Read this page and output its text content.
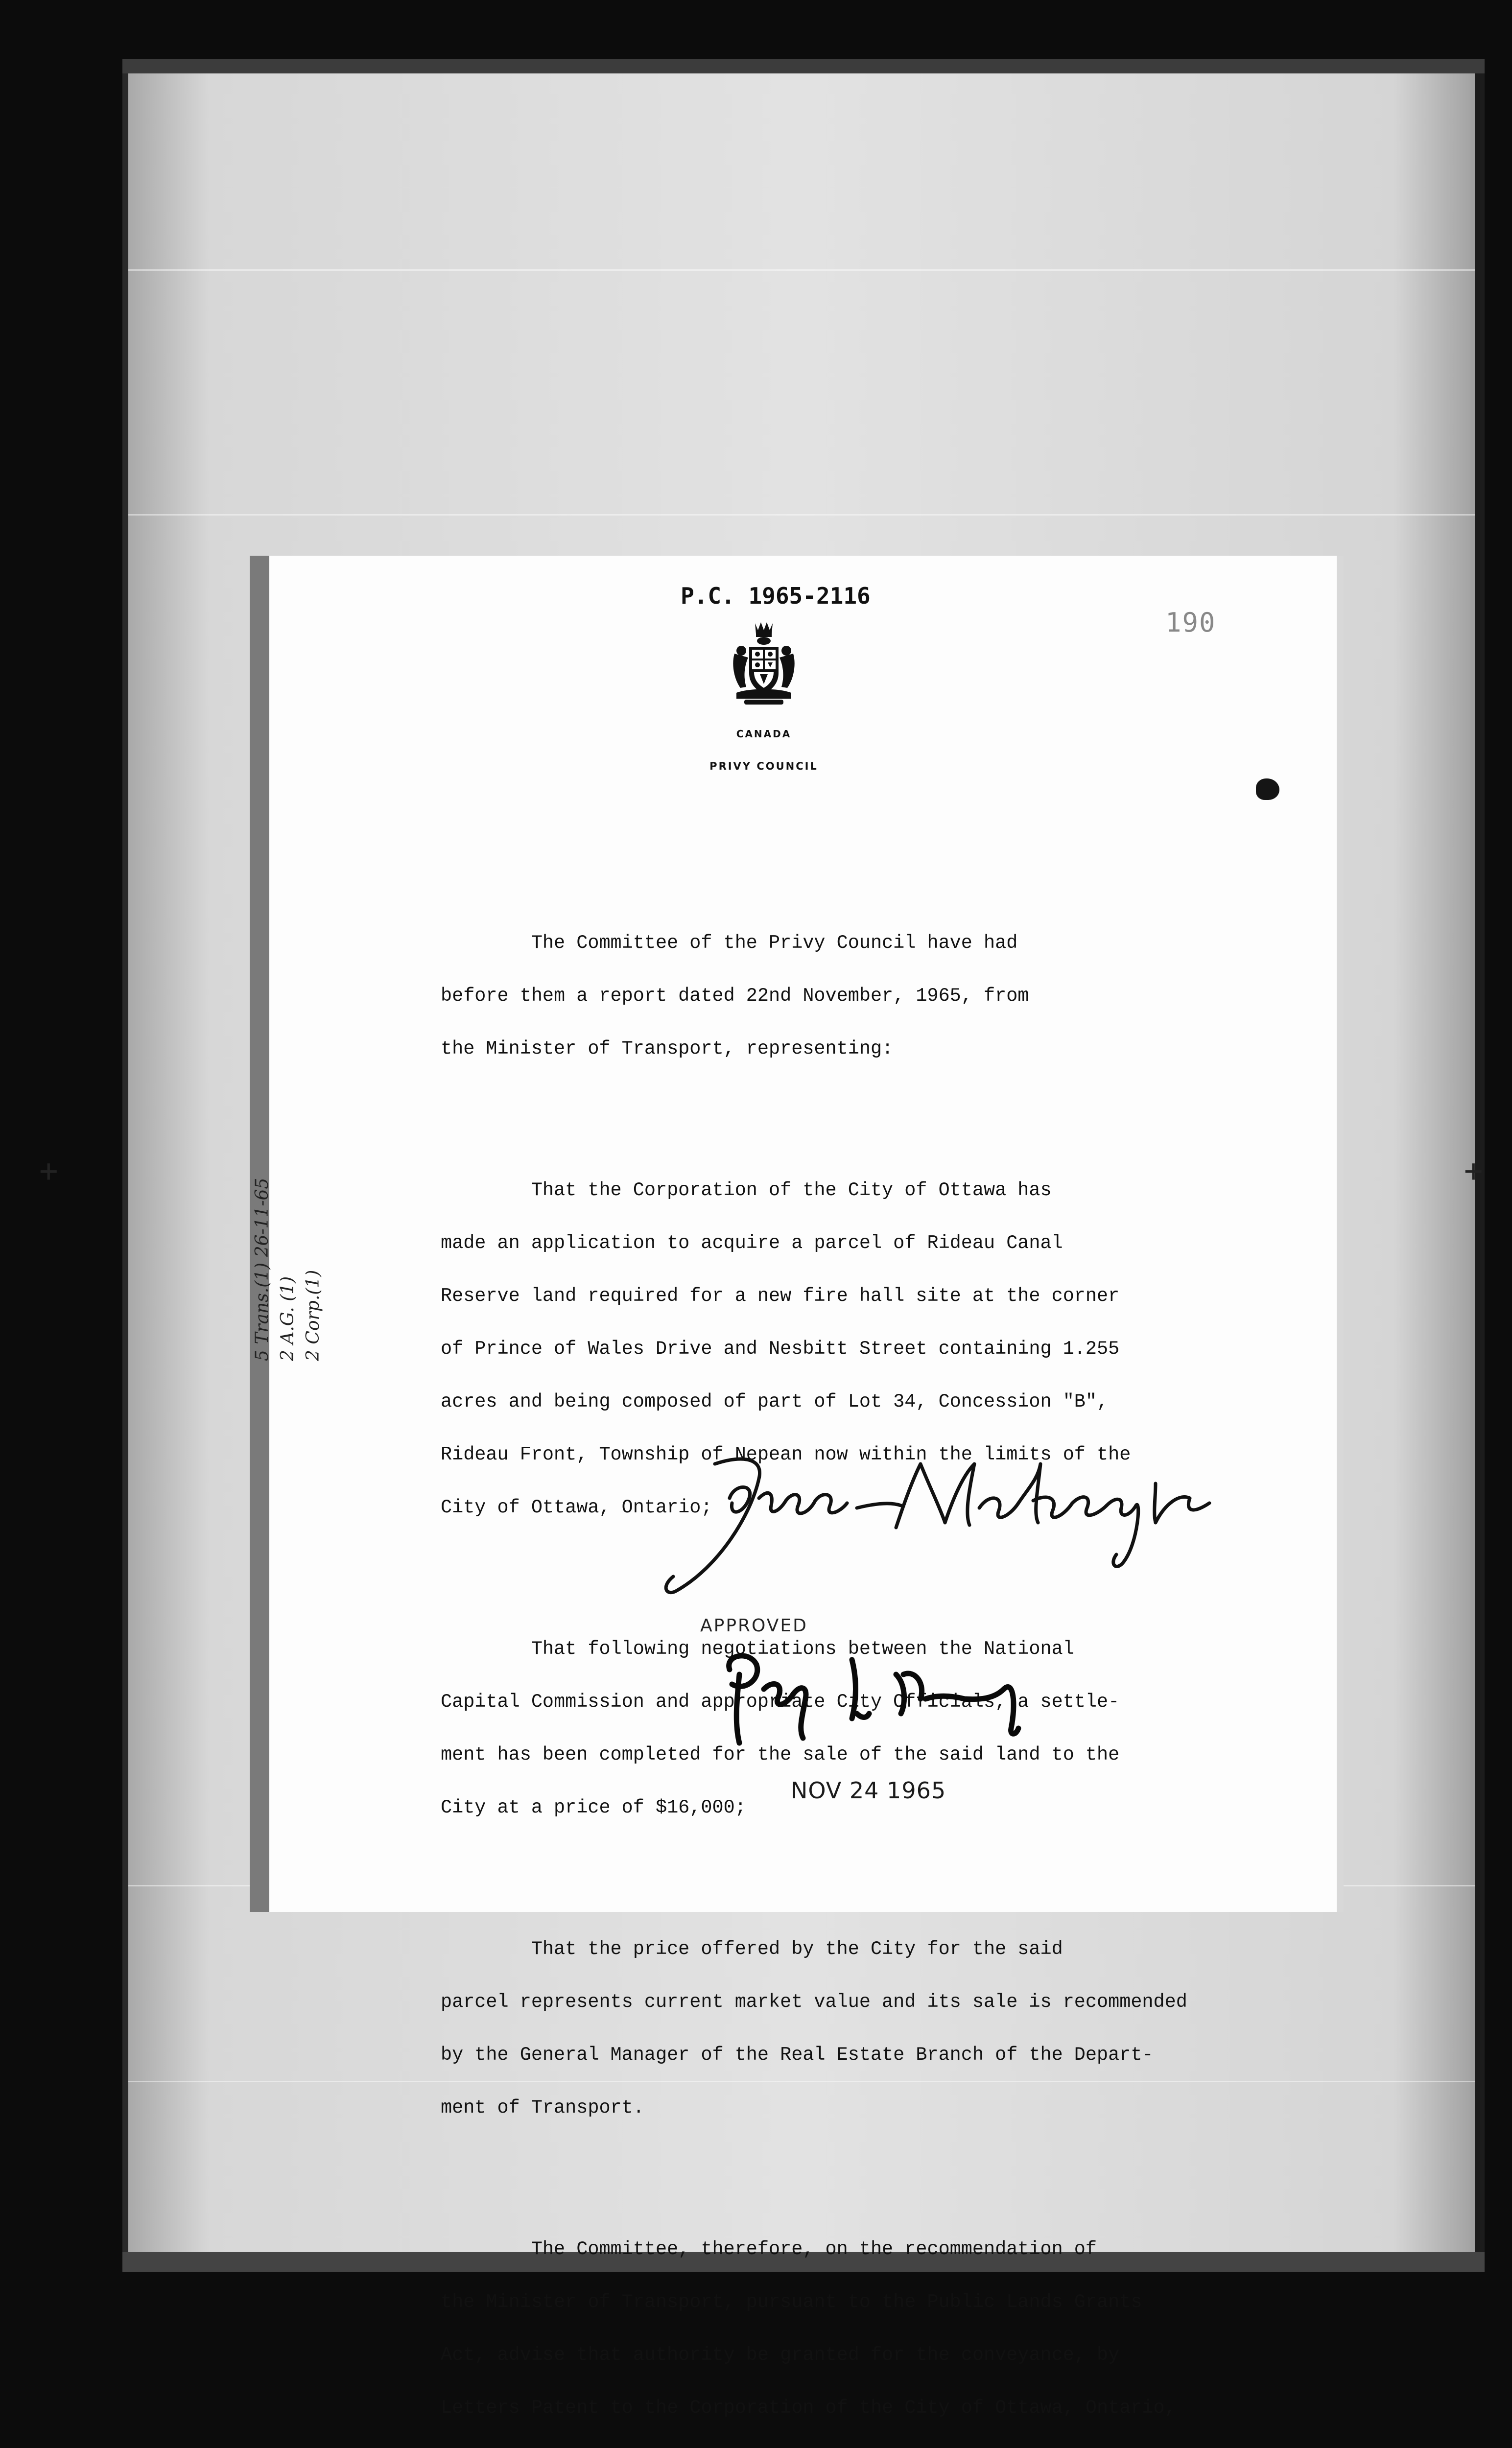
+	+
P.C. 1965-2116
190
CANADA
PRIVY COUNCIL

The Committee of the Privy Council have had

before them a report dated 22nd November, 1965, from

the Minister of Transport, representing:

That the Corporation of the City of Ottawa has

made an application to acquire a parcel of Rideau Canal

Reserve land required for a new fire hall site at the corner

of Prince of Wales Drive and Nesbitt Street containing 1.255

acres and being composed of part of Lot 34, Concession "B",

Rideau Front, Township of Nepean now within the limits of the

City of Ottawa, Ontario;

That following negotiations between the National

Capital Commission and appropriate City Officials, a settle-

ment has been completed for the sale of the said land to the

City at a price of $16,000;

That the price offered by the City for the said

parcel represents current market value and its sale is recommended

by the General Manager of the Real Estate Branch of the Depart-

ment of Transport.

The Committee, therefore, on the recommendation of

the Minister of Transport, pursuant to the Public Lands Grants

Act, advise that authority be granted for the conveyance, by

Letters Patent to the Corporation of the City of Ottawa, Ontario,

5 Trans.(1) 26-11-65 2 A.G. (1) 2 Corp.(1)
APPROVED
NOV 24 1965
